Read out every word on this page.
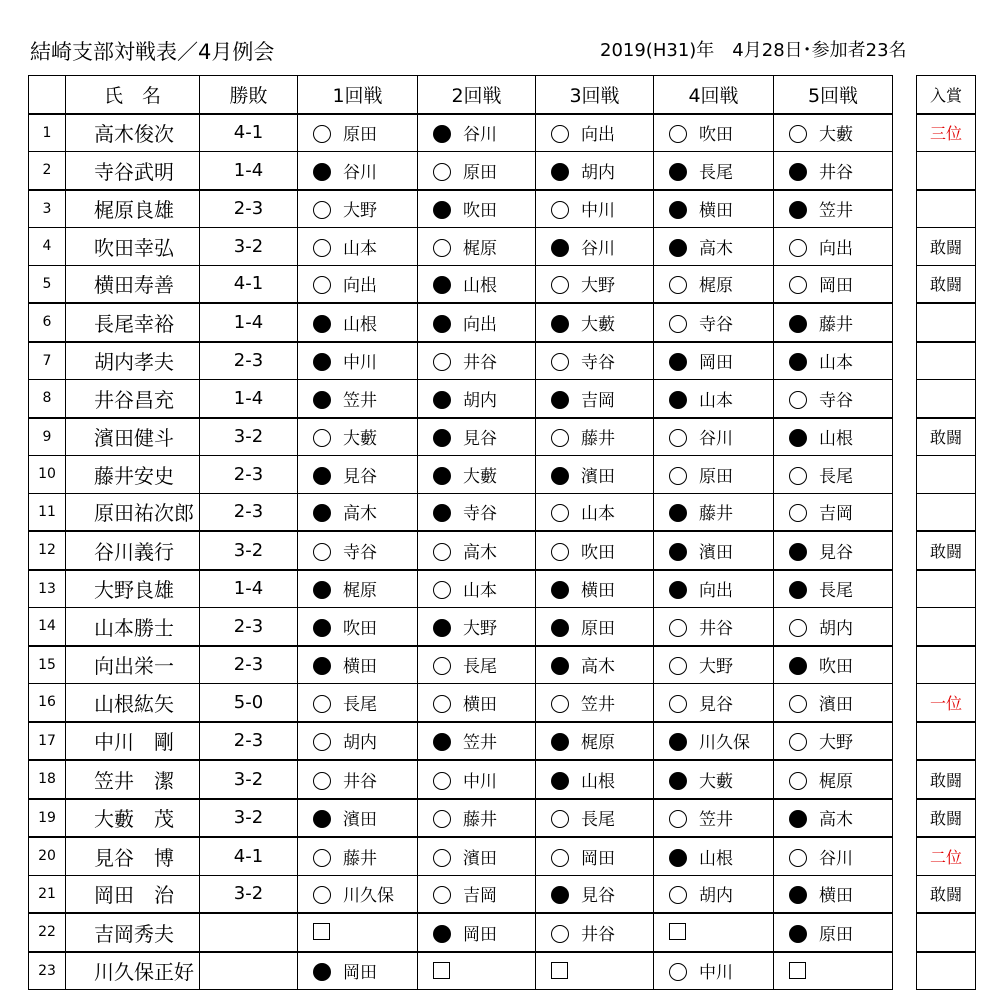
結崎支部対戦表／4月例会	2019(H31)年　4月28日･参加者23名
	氏　名	勝敗	1回戦	2回戦	3回戦	4回戦	5回戦		入賞
1	高木俊次	4-1	原田	谷川	向出	吹田	大藪		三位
2	寺谷武明	1-4	谷川	原田	胡内	長尾	井谷		
3	梶原良雄	2-3	大野	吹田	中川	横田	笠井		
4	吹田幸弘	3-2	山本	梶原	谷川	高木	向出		敢闘
5	横田寿善	4-1	向出	山根	大野	梶原	岡田		敢闘
6	長尾幸裕	1-4	山根	向出	大藪	寺谷	藤井		
7	胡内孝夫	2-3	中川	井谷	寺谷	岡田	山本		
8	井谷昌充	1-4	笠井	胡内	吉岡	山本	寺谷		
9	濱田健斗	3-2	大藪	見谷	藤井	谷川	山根		敢闘
10	藤井安史	2-3	見谷	大藪	濱田	原田	長尾		
11	原田祐次郎	2-3	高木	寺谷	山本	藤井	吉岡		
12	谷川義行	3-2	寺谷	高木	吹田	濱田	見谷		敢闘
13	大野良雄	1-4	梶原	山本	横田	向出	長尾		
14	山本勝士	2-3	吹田	大野	原田	井谷	胡内		
15	向出栄一	2-3	横田	長尾	高木	大野	吹田		
16	山根紘矢	5-0	長尾	横田	笠井	見谷	濱田		一位
17	中川　剛	2-3	胡内	笠井	梶原	川久保	大野		
18	笠井　潔	3-2	井谷	中川	山根	大藪	梶原		敢闘
19	大藪　茂	3-2	濱田	藤井	長尾	笠井	高木		敢闘
20	見谷　博	4-1	藤井	濱田	岡田	山根	谷川		二位
21	岡田　治	3-2	川久保	吉岡	見谷	胡内	横田		敢闘
22	吉岡秀夫			岡田	井谷		原田		
23	川久保正好		岡田			中川			
